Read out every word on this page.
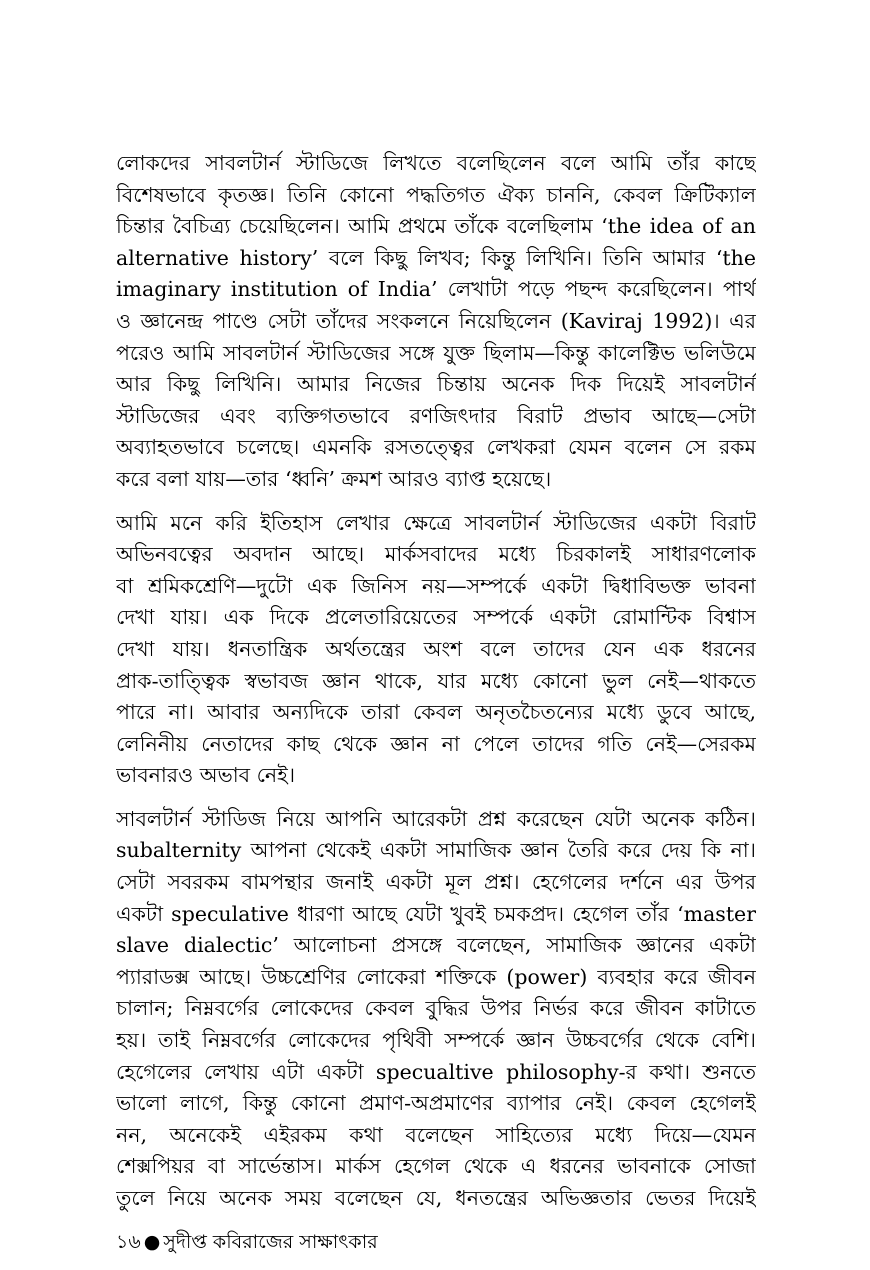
লোকদের সাবলটার্ন স্টাডিজে লিখতে বলেছিলেন বলে আমি তাঁর কাছে
বিশেষভাবে কৃতজ্ঞ। তিনি কোনো পদ্ধতিগত ঐক্য চাননি, কেবল ক্রিটিক্যাল
চিন্তার বৈচিত্র্য চেয়েছিলেন। আমি প্রথমে তাঁকে বলেছিলাম ‘the idea of an
alternative history’ বলে কিছু লিখব; কিন্তু লিখিনি। তিনি আমার ‘the
imaginary institution of India’ লেখাটা পড়ে পছন্দ করেছিলেন। পার্থ
ও জ্ঞানেন্দ্র পাণ্ডে সেটা তাঁদের সংকলনে নিয়েছিলেন (Kaviraj 1992)। এর
পরেও আমি সাবলটার্ন স্টাডিজের সঙ্গে যুক্ত ছিলাম—কিন্তু কালেক্টিভ ভলিউমে
আর কিছু লিখিনি। আমার নিজের চিন্তায় অনেক দিক দিয়েই সাবলটার্ন
স্টাডিজের এবং ব্যক্তিগতভাবে রণজিৎদার বিরাট প্রভাব আছে—সেটা
অব্যাহতভাবে চলেছে। এমনকি রসতত্ত্বের লেখকরা যেমন বলেন সে রকম
করে বলা যায়—তার ‘ধ্বনি’ ক্রমশ আরও ব্যাপ্ত হয়েছে।

আমি মনে করি ইতিহাস লেখার ক্ষেত্রে সাবলটার্ন স্টাডিজের একটা বিরাট
অভিনবত্বের অবদান আছে। মার্কসবাদের মধ্যে চিরকালই সাধারণলোক
বা শ্রমিকশ্রেণি—দুটো এক জিনিস নয়—সম্পর্কে একটা দ্বিধাবিভক্ত ভাবনা
দেখা যায়। এক দিকে প্রলেতারিয়েতের সম্পর্কে একটা রোমান্টিক বিশ্বাস
দেখা যায়। ধনতান্ত্রিক অর্থতন্ত্রের অংশ বলে তাদের যেন এক ধরনের
প্রাক-তাত্ত্বিক স্বভাবজ জ্ঞান থাকে, যার মধ্যে কোনো ভুল নেই—থাকতে
পারে না। আবার অন্যদিকে তারা কেবল অনৃতচৈতন্যের মধ্যে ডুবে আছে,
লেনিনীয় নেতাদের কাছ থেকে জ্ঞান না পেলে তাদের গতি নেই—সেরকম
ভাবনারও অভাব নেই।

সাবলটার্ন স্টাডিজ নিয়ে আপনি আরেকটা প্রশ্ন করেছেন যেটা অনেক কঠিন।
subalternity আপনা থেকেই একটা সামাজিক জ্ঞান তৈরি করে দেয় কি না।
সেটা সবরকম বামপন্থার জনাই একটা মূল প্রশ্ন। হেগেলের দর্শনে এর উপর
একটা speculative ধারণা আছে যেটা খুবই চমকপ্রদ। হেগেল তাঁর ‘master
slave dialectic’ আলোচনা প্রসঙ্গে বলেছেন, সামাজিক জ্ঞানের একটা
প্যারাডক্স আছে। উচ্চশ্রেণির লোকেরা শক্তিকে (power) ব্যবহার করে জীবন
চালান; নিম্নবর্গের লোকেদের কেবল বুদ্ধির উপর নির্ভর করে জীবন কাটাতে
হয়। তাই নিম্নবর্গের লোকেদের পৃথিবী সম্পর্কে জ্ঞান উচ্চবর্গের থেকে বেশি।
হেগেলের লেখায় এটা একটা specualtive philosophy-র কথা। শুনতে
ভালো লাগে, কিন্তু কোনো প্রমাণ-অপ্রমাণের ব্যাপার নেই। কেবল হেগেলই
নন, অনেকেই এইরকম কথা বলেছেন সাহিত্যের মধ্যে দিয়ে—যেমন
শেক্সপিয়র বা সার্ভেন্তাস। মার্কস হেগেল থেকে এ ধরনের ভাবনাকে সোজা
তুলে নিয়ে অনেক সময় বলেছেন যে, ধনতন্ত্রের অভিজ্ঞতার ভেতর দিয়েই

১৬ ● সুদীপ্ত কবিরাজের সাক্ষাৎকার
